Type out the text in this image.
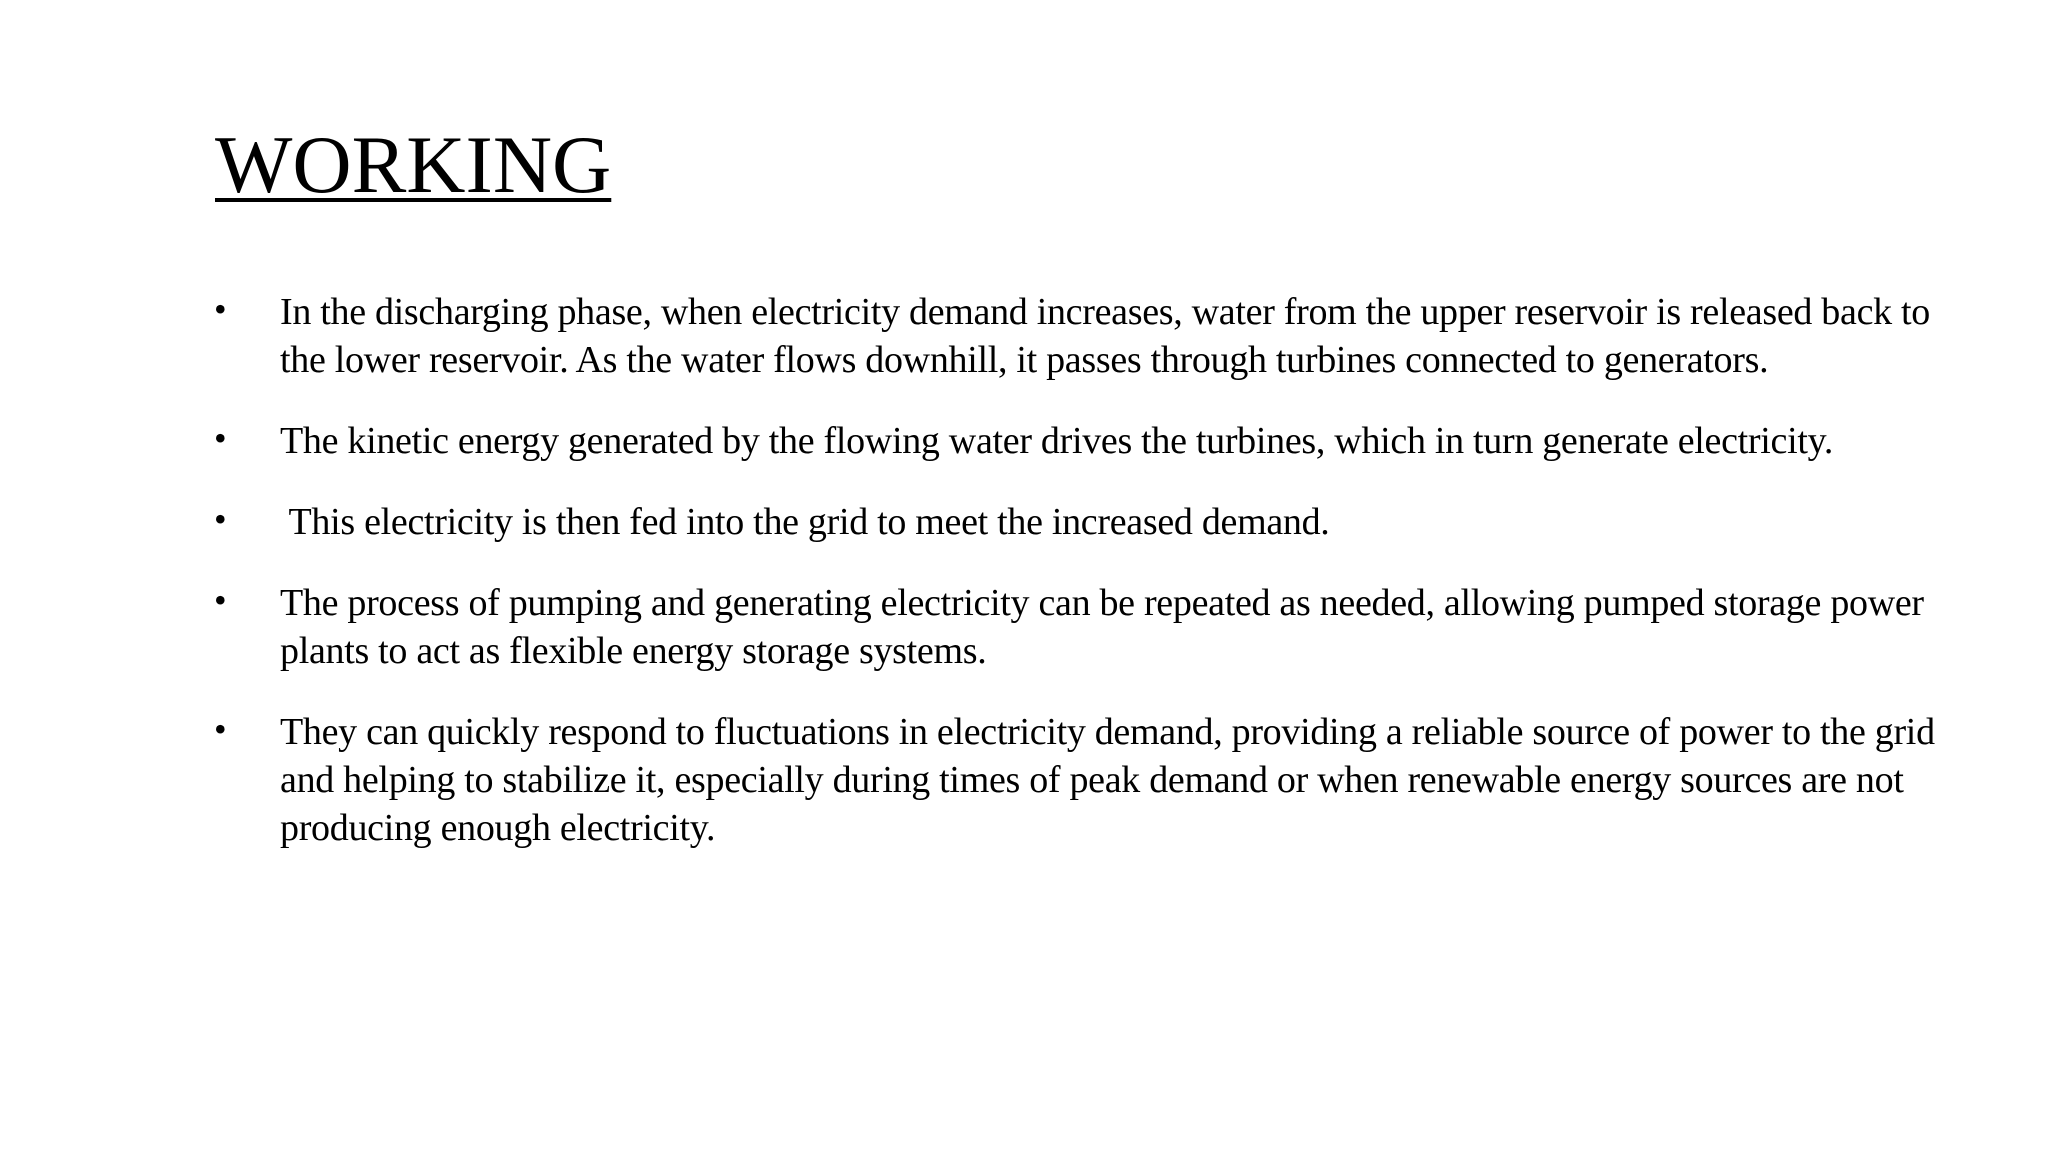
WORKING
• In the discharging phase, when electricity demand increases, water from the upper reservoir is released back to the lower reservoir. As the water flows downhill, it passes through turbines connected to generators.
• The kinetic energy generated by the flowing water drives the turbines, which in turn generate electricity.
• This electricity is then fed into the grid to meet the increased demand.
• The process of pumping and generating electricity can be repeated as needed, allowing pumped storage power plants to act as flexible energy storage systems.
• They can quickly respond to fluctuations in electricity demand, providing a reliable source of power to the grid and helping to stabilize it, especially during times of peak demand or when renewable energy sources are not producing enough electricity.
